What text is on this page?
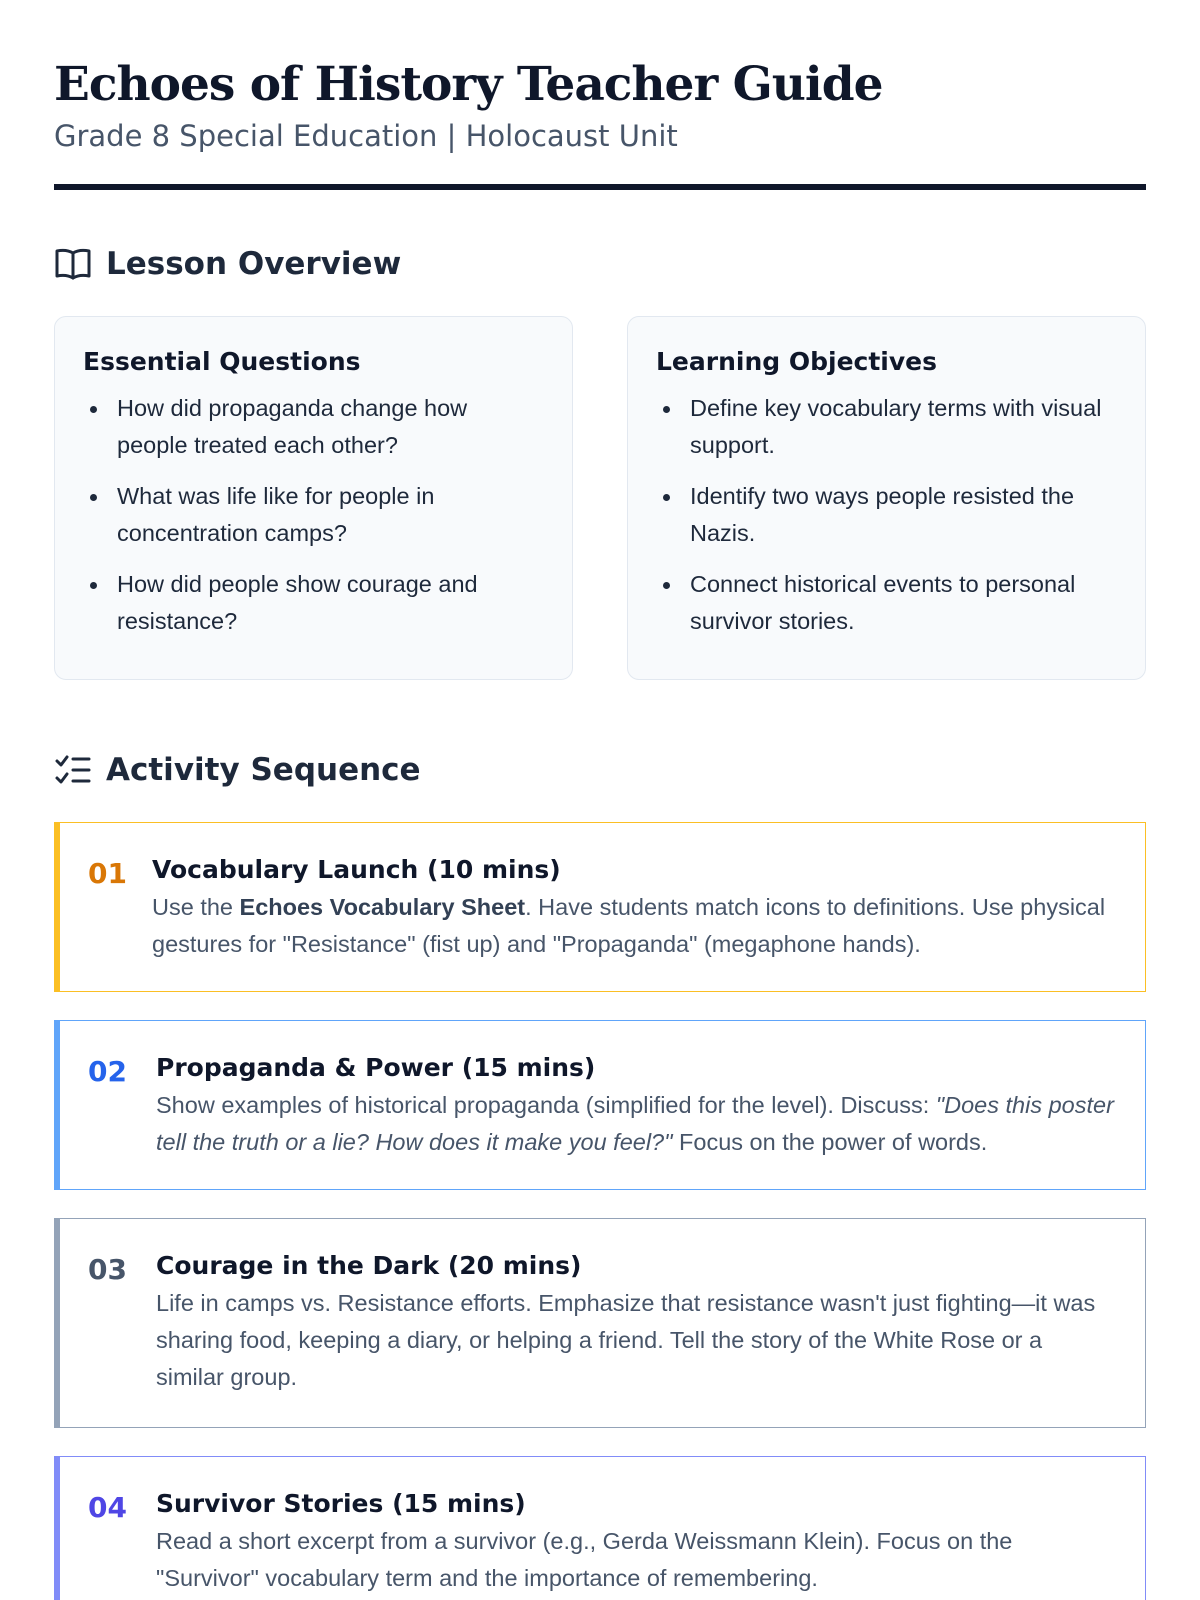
Echoes of History Teacher Guide
Grade 8 Special Education | Holocaust Unit
Lesson Overview
Essential Questions
How did propaganda change how people treated each other?
What was life like for people in concentration camps?
How did people show courage and resistance?
Learning Objectives
Define key vocabulary terms with visual support.
Identify two ways people resisted the Nazis.
Connect historical events to personal survivor stories.
Activity Sequence
01	Vocabulary Launch (10 mins)

Use the Echoes Vocabulary Sheet. Have students match icons to definitions. Use physical gestures for "Resistance" (fist up) and "Propaganda" (megaphone hands).

02	Propaganda & Power (15 mins)

Show examples of historical propaganda (simplified for the level). Discuss: "Does this poster tell the truth or a lie? How does it make you feel?" Focus on the power of words.

03	Courage in the Dark (20 mins)

Life in camps vs. Resistance efforts. Emphasize that resistance wasn't just fighting—it was sharing food, keeping a diary, or helping a friend. Tell the story of the White Rose or a similar group.

04	Survivor Stories (15 mins)

Read a short excerpt from a survivor (e.g., Gerda Weissmann Klein). Focus on the "Survivor" vocabulary term and the importance of remembering.
